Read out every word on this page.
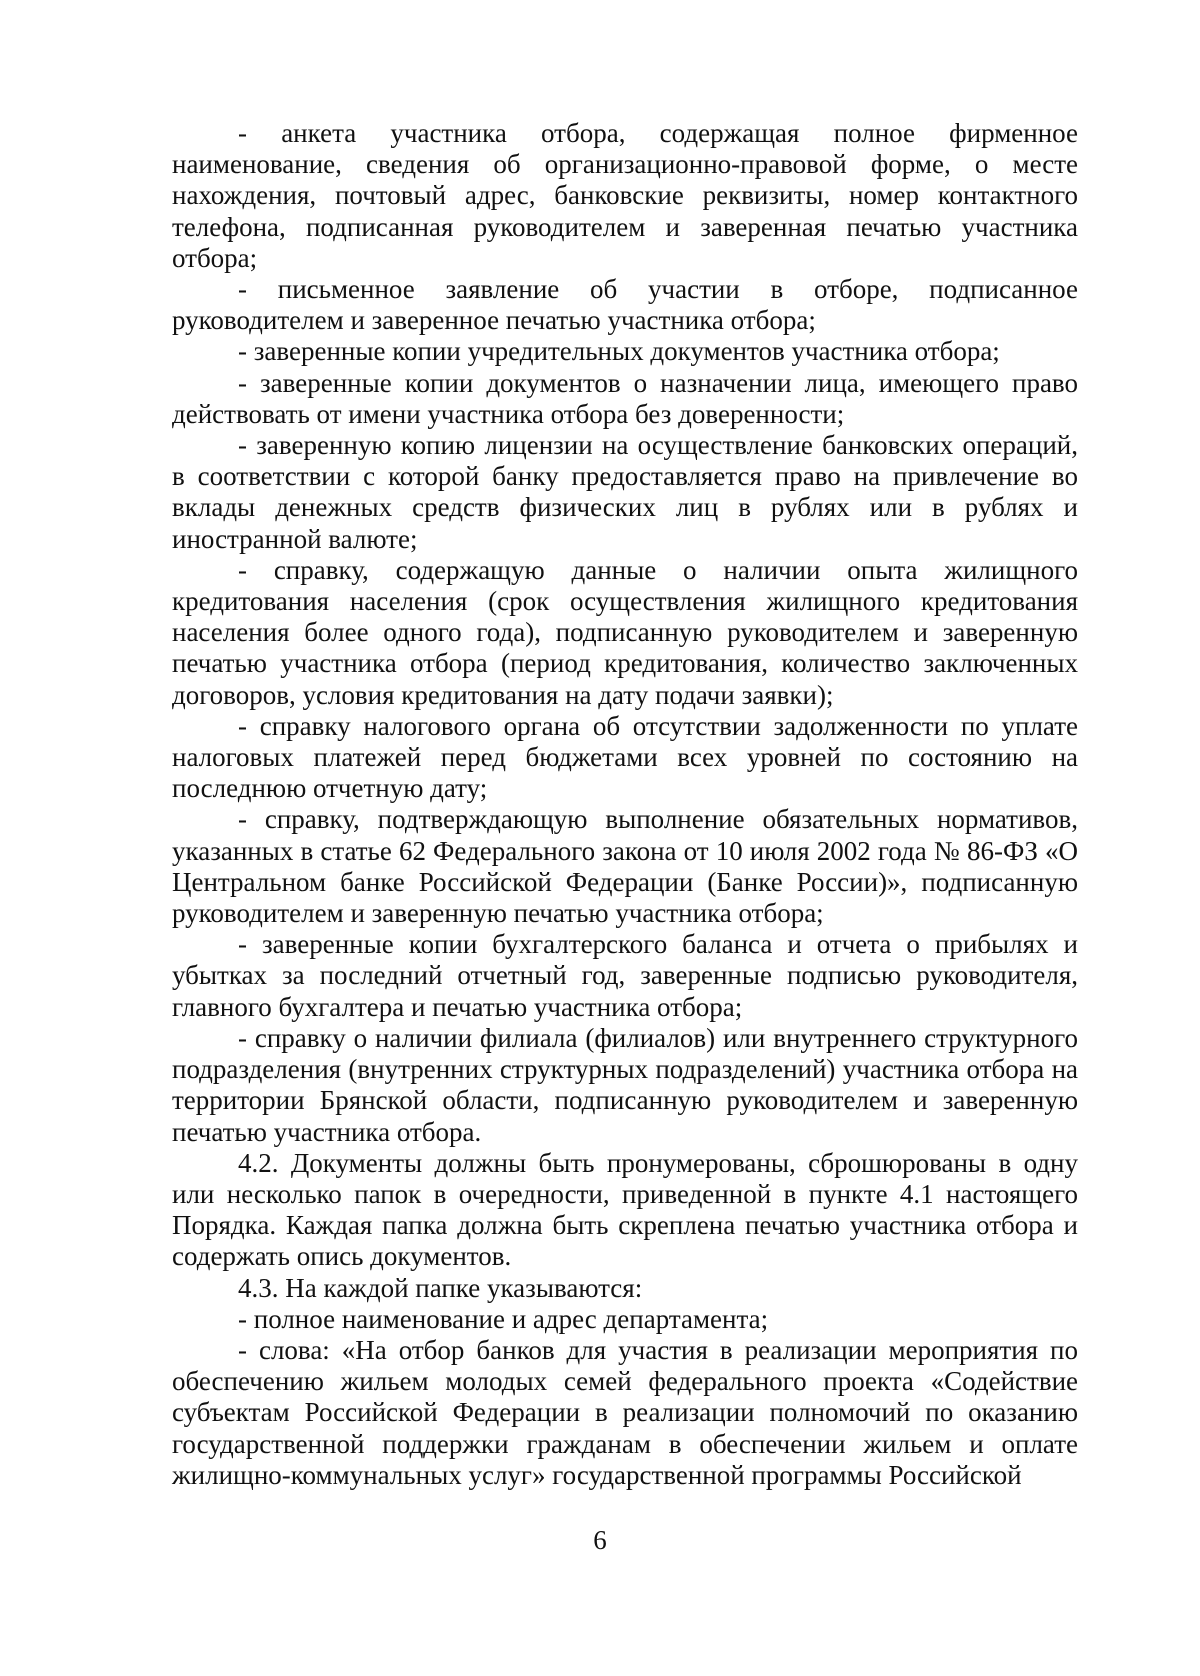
- анкета участника отбора, содержащая полное фирменное наименование, сведения об организационно-правовой форме, о месте нахождения, почтовый адрес, банковские реквизиты, номер контактного телефона, подписанная руководителем и заверенная печатью участника отбора;

- письменное заявление об участии в отборе, подписанное руководителем и заверенное печатью участника отбора;

- заверенные копии учредительных документов участника отбора;

- заверенные копии документов о назначении лица, имеющего право действовать от имени участника отбора без доверенности;

- заверенную копию лицензии на осуществление банковских операций, в соответствии с которой банку предоставляется право на привлечение во вклады денежных средств физических лиц в рублях или в рублях и иностранной валюте;

- справку, содержащую данные о наличии опыта жилищного кредитования населения (срок осуществления жилищного кредитования населения более одного года), подписанную руководителем и заверенную печатью участника отбора (период кредитования, количество заключенных договоров, условия кредитования на дату подачи заявки);

- справку налогового органа об отсутствии задолженности по уплате налоговых платежей перед бюджетами всех уровней по состоянию на последнюю отчетную дату;

- справку, подтверждающую выполнение обязательных нормативов, указанных в статье 62 Федерального закона от 10 июля 2002 года № 86-ФЗ «О Центральном банке Российской Федерации (Банке России)», подписанную руководителем и заверенную печатью участника отбора;

- заверенные копии бухгалтерского баланса и отчета о прибылях и убытках за последний отчетный год, заверенные подписью руководителя, главного бухгалтера и печатью участника отбора;

- справку о наличии филиала (филиалов) или внутреннего структурного подразделения (внутренних структурных подразделений) участника отбора на территории Брянской области, подписанную руководителем и заверенную печатью участника отбора.

4.2. Документы должны быть пронумерованы, сброшюрованы в одну или несколько папок в очередности, приведенной в пункте 4.1 настоящего Порядка. Каждая папка должна быть скреплена печатью участника отбора и содержать опись документов.

4.3. На каждой папке указываются:

- полное наименование и адрес департамента;

- слова: «На отбор банков для участия в реализации мероприятия по обеспечению жильем молодых семей федерального проекта «Содействие субъектам Российской Федерации в реализации полномочий по оказанию государственной поддержки гражданам в обеспечении жильем и оплате жилищно-коммунальных услуг» государственной программы Российской

6
